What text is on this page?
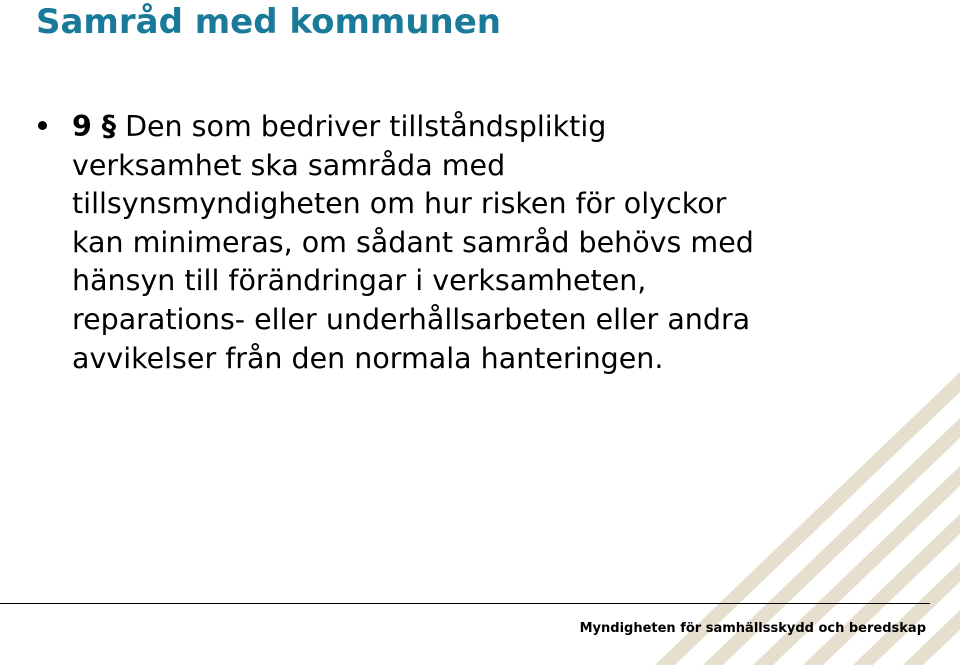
Samråd med kommunen
9 § Den som bedriver tillståndspliktig
verksamhet ska samråda med
tillsynsmyndigheten om hur risken för olyckor
kan minimeras, om sådant samråd behövs med
hänsyn till förändringar i verksamheten,
reparations- eller underhållsarbeten eller andra
avvikelser från den normala hanteringen.
Myndigheten för samhällsskydd och beredskap
